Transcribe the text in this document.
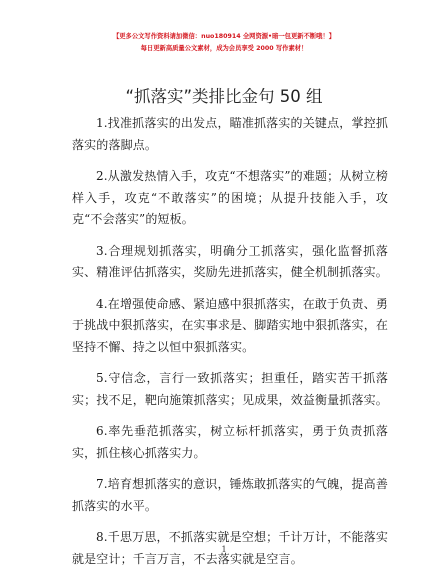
【更多公文写作资料请加微信：nuo180914 全网资源•暗一包更新不断哦！】
每日更新高质量公文素材，成为会员享受 2000 写作素材！
“抓落实”类排比金句 50 组

1.找准抓落实的出发点，瞄准抓落实的关键点，掌控抓落实的落脚点。

2.从激发热情入手，攻克“不想落实”的难题；从树立榜样入手，攻克“不敢落实”的困境；从提升技能入手，攻克“不会落实”的短板。

3.合理规划抓落实，明确分工抓落实，强化监督抓落实、精准评估抓落实，奖励先进抓落实，健全机制抓落实。

4.在增强使命感、紧迫感中狠抓落实，在敢于负责、勇于挑战中狠抓落实，在实事求是、脚踏实地中狠抓落实，在坚持不懈、持之以恒中狠抓落实。

5.守信念，言行一致抓落实；担重任，踏实苦干抓落实；找不足，靶向施策抓落实；见成果，效益衡量抓落实。

6.率先垂范抓落实，树立标杆抓落实，勇于负责抓落实，抓住核心抓落实力。

7.培育想抓落实的意识，锤炼敢抓落实的气魄，提高善抓落实的水平。

8.千思万思，不抓落实就是空想；千计万计，不能落实就是空计；千言万言，不去落实就是空言。

1
